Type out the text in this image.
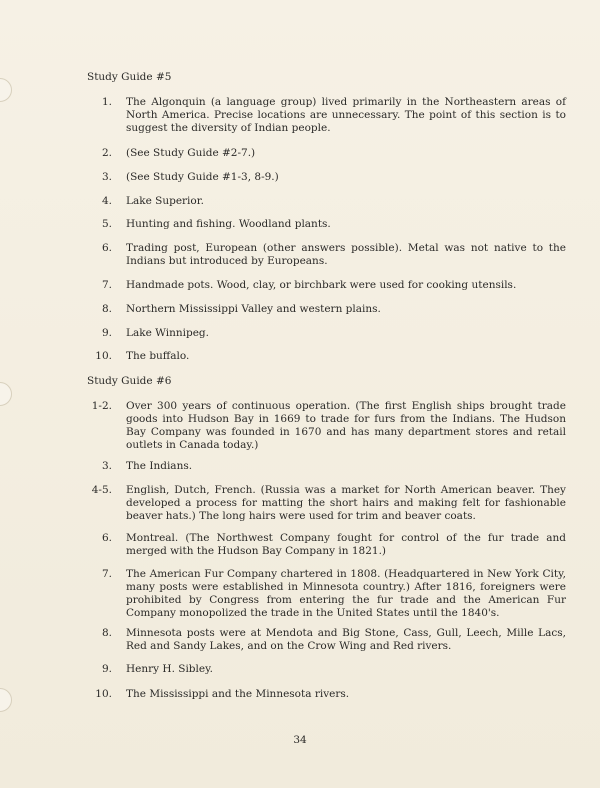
Study Guide #5
1. The Algonquin (a language group) lived primarily in the Northeastern areas of North America. Precise locations are unnecessary. The point of this section is to suggest the diversity of Indian people.
2. (See Study Guide #2-7.)
3. (See Study Guide #1-3, 8-9.)
4. Lake Superior.
5. Hunting and fishing. Woodland plants.
6. Trading post, European (other answers possible). Metal was not native to the Indians but introduced by Europeans.
7. Handmade pots. Wood, clay, or birchbark were used for cooking utensils.
8. Northern Mississippi Valley and western plains.
9. Lake Winnipeg.
10. The buffalo.
Study Guide #6
1-2. Over 300 years of continuous operation. (The first English ships brought trade goods into Hudson Bay in 1669 to trade for furs from the Indians. The Hudson Bay Company was founded in 1670 and has many department stores and retail outlets in Canada today.)
3. The Indians.
4-5. English, Dutch, French. (Russia was a market for North American beaver. They developed a process for matting the short hairs and making felt for fashionable beaver hats.) The long hairs were used for trim and beaver coats.
6. Montreal. (The Northwest Company fought for control of the fur trade and merged with the Hudson Bay Company in 1821.)
7. The American Fur Company chartered in 1808. (Headquartered in New York City, many posts were established in Minnesota country.) After 1816, foreigners were prohibited by Congress from entering the fur trade and the American Fur Company monopolized the trade in the United States until the 1840's.
8. Minnesota posts were at Mendota and Big Stone, Cass, Gull, Leech, Mille Lacs, Red and Sandy Lakes, and on the Crow Wing and Red rivers.
9. Henry H. Sibley.
10. The Mississippi and the Minnesota rivers.
34
